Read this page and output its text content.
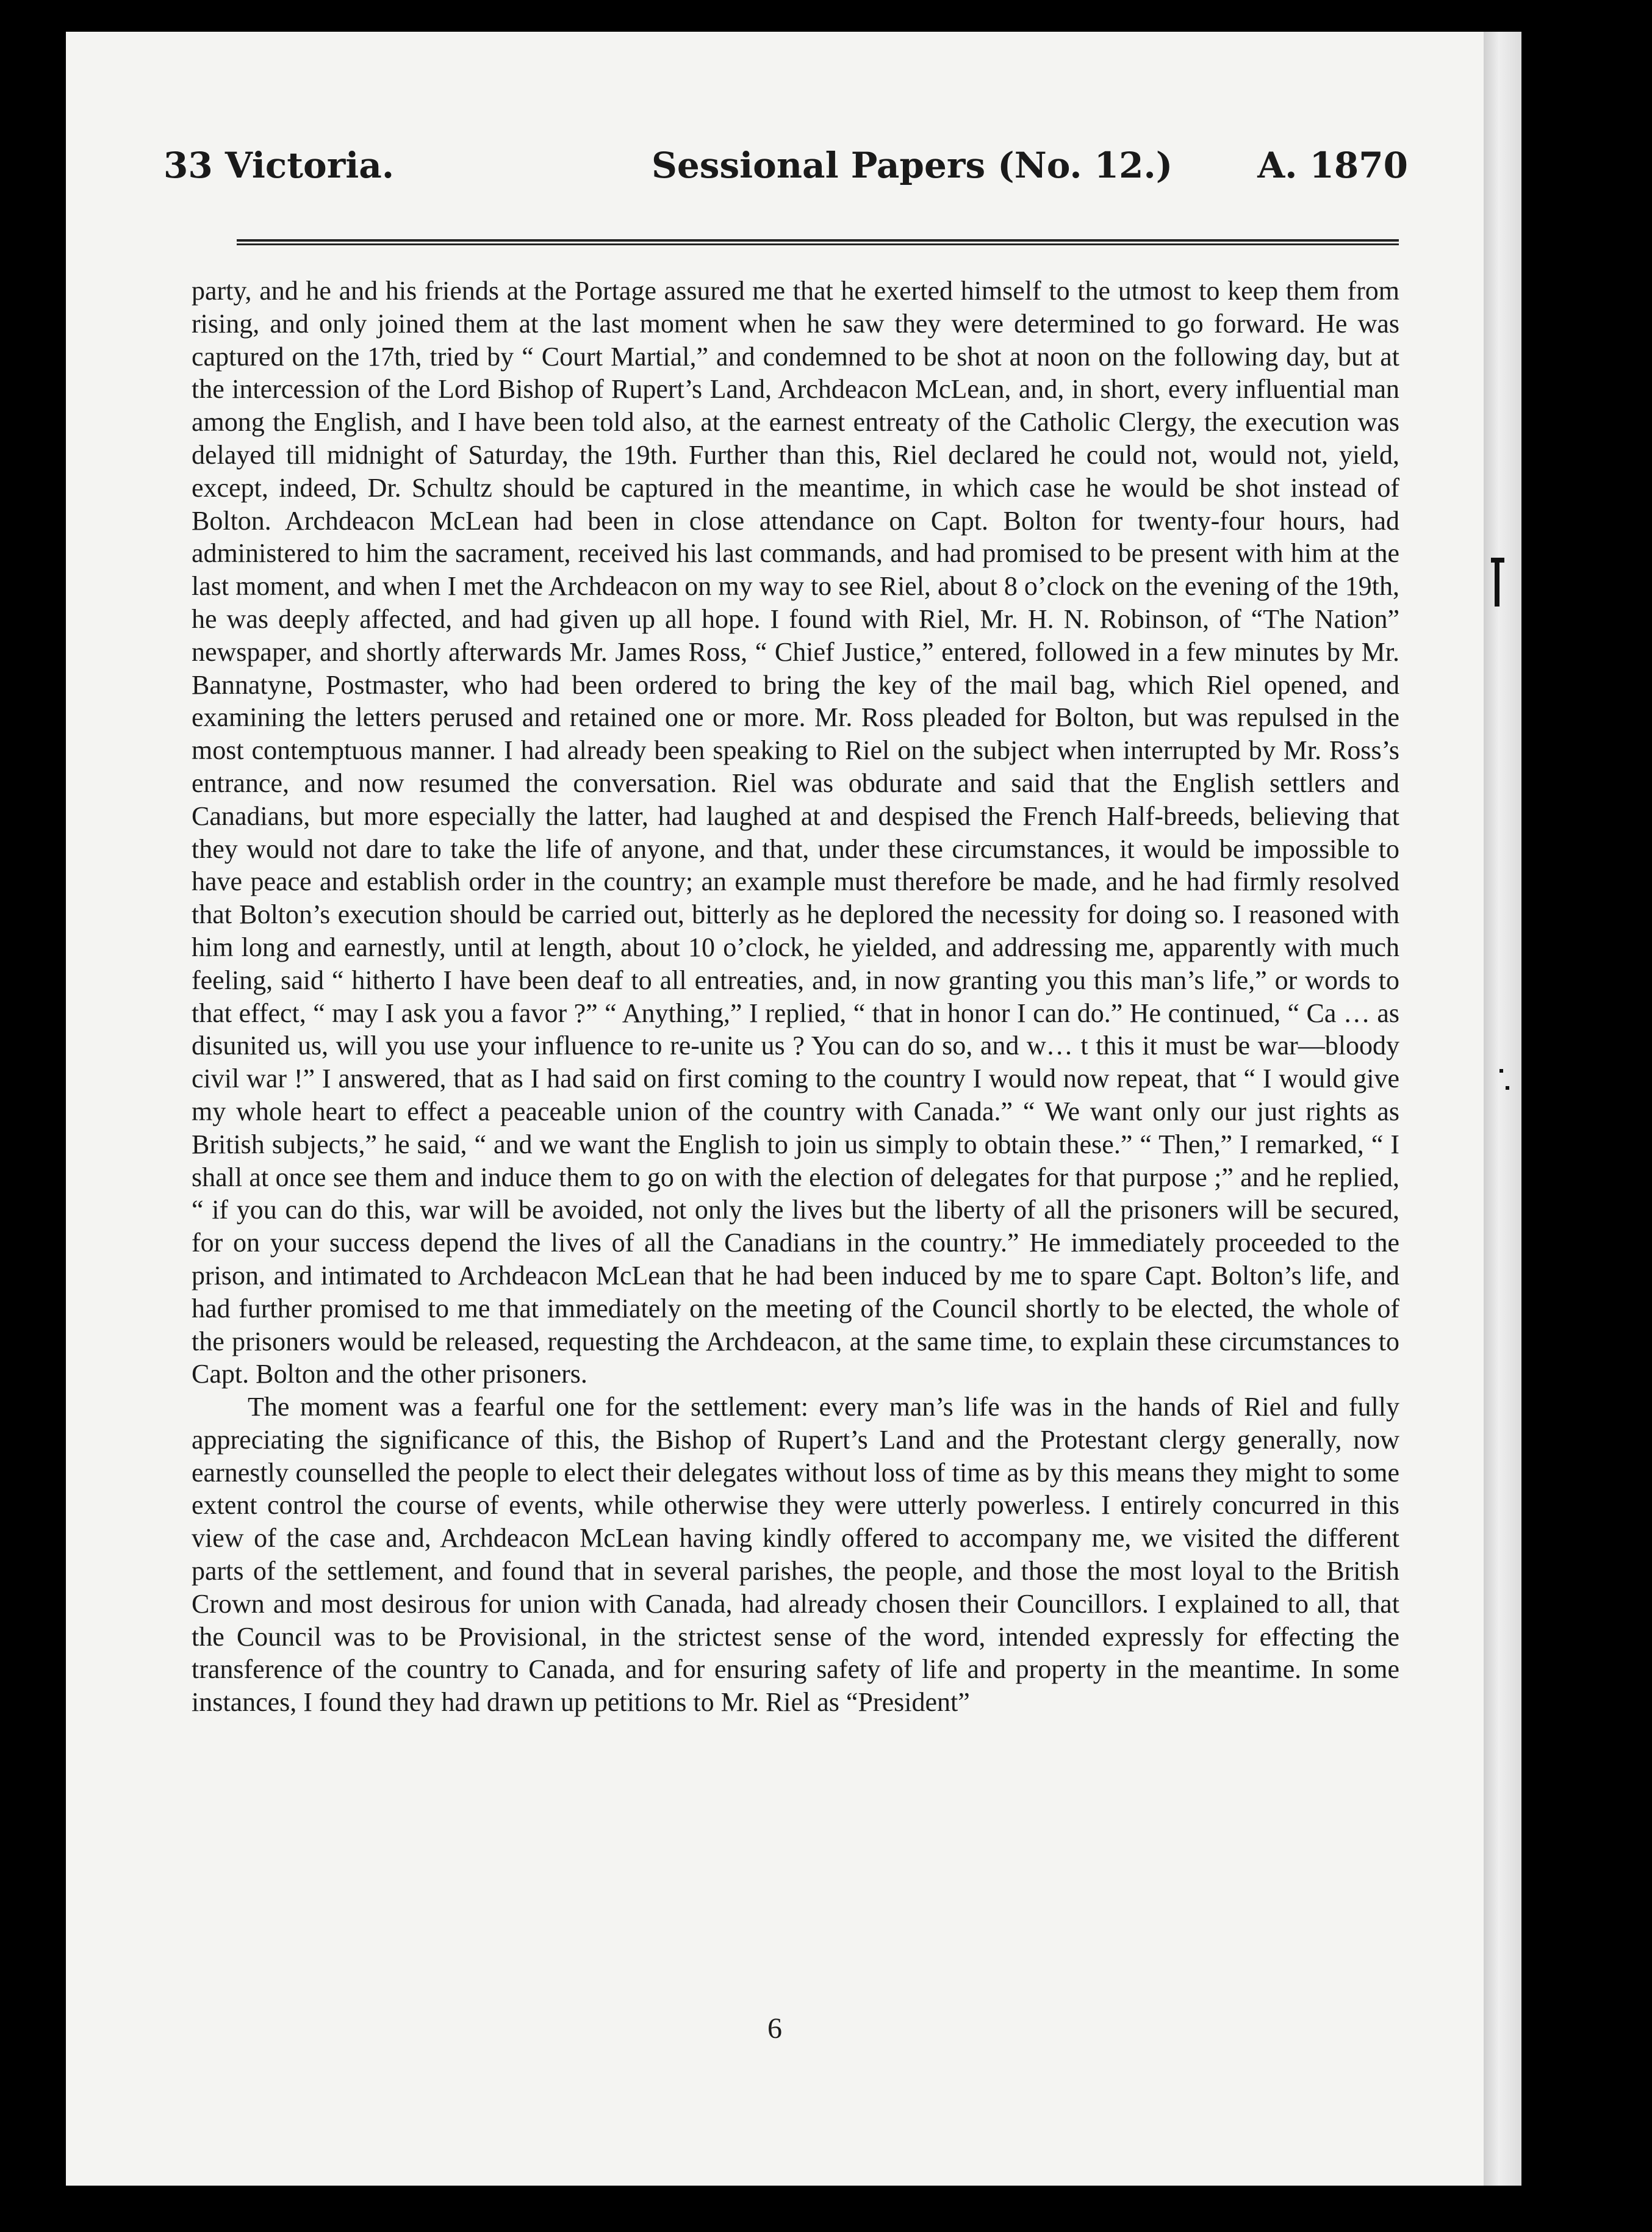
33 Victoria.	Sessional Papers (No. 12.) A. 1870

party, and he and his friends at the Portage assured me that he exerted himself to the utmost to keep them from rising, and only joined them at the last moment when he saw they were determined to go forward. He was captured on the 17th, tried by “ Court Martial,” and condemned to be shot at noon on the following day, but at the intercession of the Lord Bishop of Rupert’s Land, Archdeacon McLean, and, in short, every influential man among the English, and I have been told also, at the earnest entreaty of the Catholic Clergy, the execution was delayed till midnight of Saturday, the 19th. Further than this, Riel declared he could not, would not, yield, except, indeed, Dr. Schultz should be captured in the meantime, in which case he would be shot instead of Bolton. Archdeacon McLean had been in close attendance on Capt. Bolton for twenty-four hours, had administered to him the sacrament, received his last commands, and had promised to be present with him at the last moment, and when I met the Archdeacon on my way to see Riel, about 8 o’clock on the evening of the 19th, he was deeply affected, and had given up all hope. I found with Riel, Mr. H. N. Robinson, of “The Nation” newspaper, and shortly afterwards Mr. James Ross, “ Chief Justice,” entered, followed in a few minutes by Mr. Bannatyne, Postmaster, who had been ordered to bring the key of the mail bag, which Riel opened, and examining the letters perused and retained one or more. Mr. Ross pleaded for Bolton, but was repulsed in the most contemptuous manner. I had already been speaking to Riel on the subject when interrupted by Mr. Ross’s entrance, and now resumed the conversation. Riel was obdurate and said that the English settlers and Canadians, but more especially the latter, had laughed at and despised the French Half-breeds, believing that they would not dare to take the life of anyone, and that, under these circumstances, it would be impossible to have peace and establish order in the country; an example must therefore be made, and he had firmly resolved that Bolton’s execution should be carried out, bitterly as he deplored the necessity for doing so. I reasoned with him long and earnestly, until at length, about 10 o’clock, he yielded, and addressing me, apparently with much feeling, said “ hitherto I have been deaf to all entreaties, and, in now granting you this man’s life,” or words to that effect, “ may I ask you a favor ?” “ Anything,” I replied, “ that in honor I can do.” He continued, “ Ca … as disunited us, will you use your influence to re-unite us ? You can do so, and w… t this it must be war—bloody civil war !” I answered, that as I had said on first coming to the country I would now repeat, that “ I would give my whole heart to effect a peaceable union of the country with Canada.” “ We want only our just rights as British subjects,” he said, “ and we want the English to join us simply to obtain these.” “ Then,” I remarked, “ I shall at once see them and induce them to go on with the election of delegates for that purpose ;” and he replied, “ if you can do this, war will be avoided, not only the lives but the liberty of all the prisoners will be secured, for on your success depend the lives of all the Canadians in the country.” He immediately proceeded to the prison, and intimated to Archdeacon McLean that he had been induced by me to spare Capt. Bolton’s life, and had further promised to me that immediately on the meeting of the Council shortly to be elected, the whole of the prisoners would be released, requesting the Archdeacon, at the same time, to explain these circumstances to Capt. Bolton and the other prisoners.

The moment was a fearful one for the settlement: every man’s life was in the hands of Riel and fully appreciating the significance of this, the Bishop of Rupert’s Land and the Protestant clergy generally, now earnestly counselled the people to elect their delegates without loss of time as by this means they might to some extent control the course of events, while otherwise they were utterly powerless. I entirely concurred in this view of the case and, Archdeacon McLean having kindly offered to accompany me, we visited the different parts of the settlement, and found that in several parishes, the people, and those the most loyal to the British Crown and most desirous for union with Canada, had already chosen their Councillors. I explained to all, that the Council was to be Provisional, in the strictest sense of the word, intended expressly for effecting the transference of the country to Canada, and for ensuring safety of life and property in the meantime. In some instances, I found they had drawn up petitions to Mr. Riel as “President”

6
